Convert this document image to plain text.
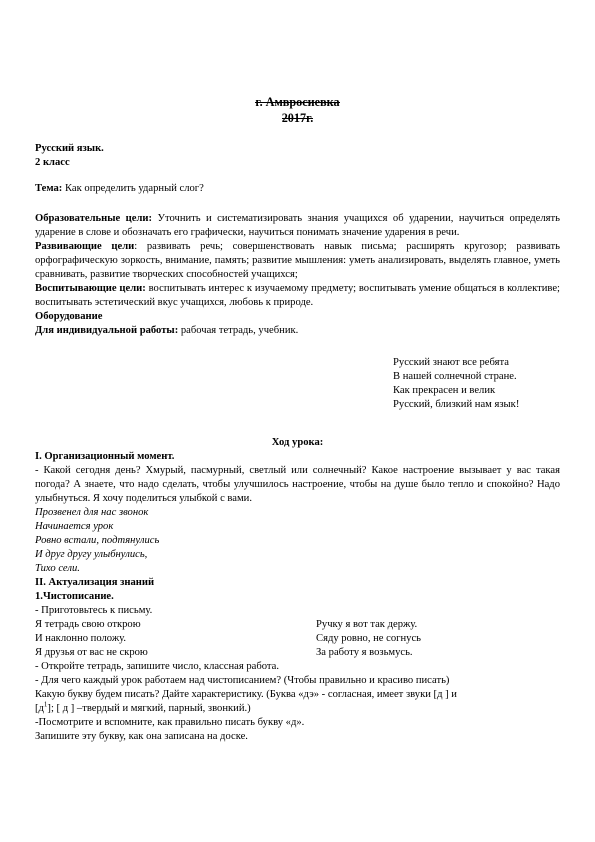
г. Амвросиевка
2017г.
Русский язык.
2 класс
Тема: Как определить ударный слог?
Образовательные цели: Уточнить и систематизировать знания учащихся об ударении, научиться определять ударение в слове и обозначать его графически, научиться понимать значение ударения в речи.
Развивающие цели: развивать речь; совершенствовать навык письма; расширять кругозор; развивать орфографическую зоркость, внимание, память; развитие мышления: уметь анализировать, выделять главное, уметь сравнивать, развитие творческих способностей учащихся;
Воспитывающие цели: воспитывать интерес к изучаемому предмету; воспитывать умение общаться в коллективе; воспитывать эстетический вкус учащихся, любовь к природе.
Оборудование
Для индивидуальной работы: рабочая тетрадь, учебник.
Русский знают все ребята
В нашей солнечной стране.
Как прекрасен и велик
Русский, близкий нам язык!
Ход урока:
I. Организационный момент.
- Какой сегодня день? Хмурый, пасмурный, светлый или солнечный? Какое настроение вызывает у вас такая погода? А знаете, что надо сделать, чтобы улучшилось настроение, чтобы на душе было тепло и спокойно? Надо улыбнуться. Я хочу поделиться улыбкой с вами.
Прозвенел для нас звонок
Начинается урок
Ровно встали, подтянулись
И друг другу улыбнулись,
Тихо сели.
II. Актуализация знаний
1.Чистописание.
- Приготовьтесь к письму.
Я тетрадь свою открою	Ручку я вот так держу.
И наклонно положу.	Сяду ровно, не согнусь
Я друзья от вас не скрою	За работу я возьмусь.
- Откройте тетрадь, запишите число, классная работа.
- Для чего каждый урок работаем над чистописанием? (Чтобы правильно и красиво писать)
Какую букву будем писать? Дайте характеристику. (Буква «дэ» - согласная, имеет звуки [д ] и
$[д^1]$; [ д ] –твердый и мягкий, парный, звонкий.)
-Посмотрите и вспомните, как правильно писать букву «д».
Запишите эту букву, как она записана на доске.
